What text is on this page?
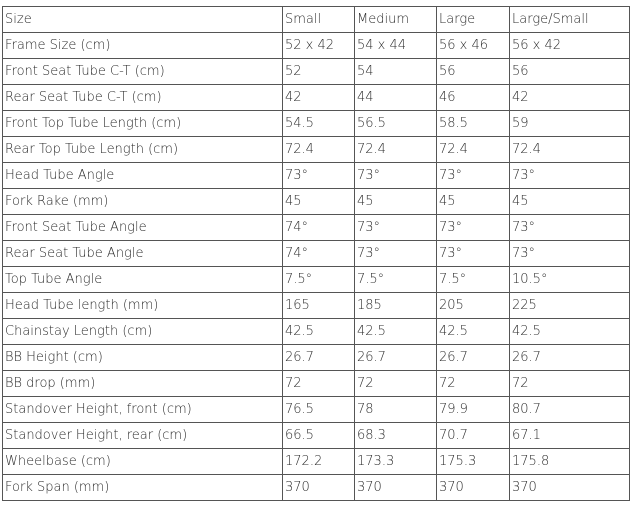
Size	Small	Medium	Large	Large/Small
Frame Size (cm)	52 x 42	54 x 44	56 x 46	56 x 42
Front Seat Tube C-T (cm)	52	54	56	56
Rear Seat Tube C-T (cm)	42	44	46	42
Front Top Tube Length (cm)	54.5	56.5	58.5	59
Rear Top Tube Length (cm)	72.4	72.4	72.4	72.4
Head Tube Angle	73°	73°	73°	73°
Fork Rake (mm)	45	45	45	45
Front Seat Tube Angle	74°	73°	73°	73°
Rear Seat Tube Angle	74°	73°	73°	73°
Top Tube Angle	7.5°	7.5°	7.5°	10.5°
Head Tube length (mm)	165	185	205	225
Chainstay Length (cm)	42.5	42.5	42.5	42.5
BB Height (cm)	26.7	26.7	26.7	26.7
BB drop (mm)	72	72	72	72
Standover Height, front (cm)	76.5	78	79.9	80.7
Standover Height, rear (cm)	66.5	68.3	70.7	67.1
Wheelbase (cm)	172.2	173.3	175.3	175.8
Fork Span (mm)	370	370	370	370
